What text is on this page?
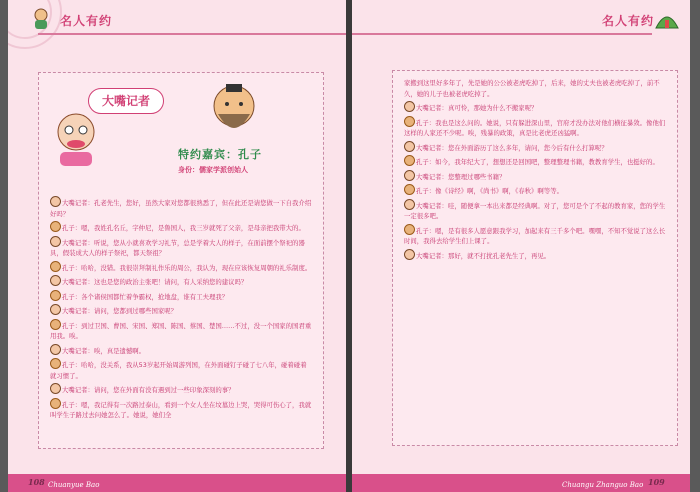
名人有约
大嘴记者
特约嘉宾：孔子
身份：儒家学派创始人

大嘴记者：孔老先生，您好，虽然大家对您都很熟悉了，但在此还是请您做一下自我介绍好吗？

孔子：嗯，我姓孔名丘，字仲尼，是鲁国人，我三岁就死了父亲，是母亲把我带大的。

大嘴记者：听说，您从小就喜欢学习礼节，总是学着大人的样子，在面前摆个祭祀的器具，假装成大人的样子祭祀，都天祭祖？

孔子：哈哈，没错。我很崇拜制礼作乐的周公，我认为，现在应该恢复周朝的礼乐制度。

大嘴记者：这也是您的政治主张吧！请问，有人采纳您的建议吗？

孔子：各个诸侯国都忙着争霸权，抢地盘，谁有工夫理我？

大嘴记者：请问，您都到过哪些国家呢？

孔子：到过卫国、曹国、宋国、郑国、陈国、蔡国、楚国……不过，没一个国家的国君重用我。唉。

大嘴记者：唉，真是遗憾啊。

孔子：哈哈，没关系，我从53岁起开始周游列国，在外面碰钉子碰了七八年，碰着碰着就习惯了。

大嘴记者：请问，您在外面有没有遇到过一些印象深刻的事？

孔子：嗯，我记得有一次路过泰山，看到一个女人坐在坟墓边上哭，哭得可伤心了，我就叫学生子路过去问她怎么了。她说，她们全

108 Chuanyue Bao
名人有约

家搬到这里好多年了，先是她的公公被老虎吃掉了，后来，她的丈夫也被老虎吃掉了，前不久，她的儿子也被老虎吃掉了。

大嘴记者：真可怜，那她为什么不搬家呢？

孔子：我也是这么问的。她说，只有躲进深山里，官府才没办法对他们横征暴敛。像他们这样的人家还不少呢。唉，残暴的政策，真是比老虎还凶猛啊。

大嘴记者：您在外面游历了这么多年，请问，您今后有什么打算呢？

孔子：如今，我年纪大了，想想还是回国吧，整理整理书籍，教教育学生，也挺好的。

大嘴记者：您整理过哪些书籍？

孔子：像《诗经》啊，《尚书》啊，《春秋》啊等等。

大嘴记者：哇，随便拿一本出来都是经典啊。对了，您可是个了不起的教育家，您的学生一定很多吧。

孔子：嗯，是有很多人愿意跟我学习，加起来有三千多个吧。嘿嘿，不知不觉说了这么长时间，我得去给学生们上课了。

大嘴记者：那好，就不打扰孔老先生了，再见。

Chuangu Zhanguo Bao 109
